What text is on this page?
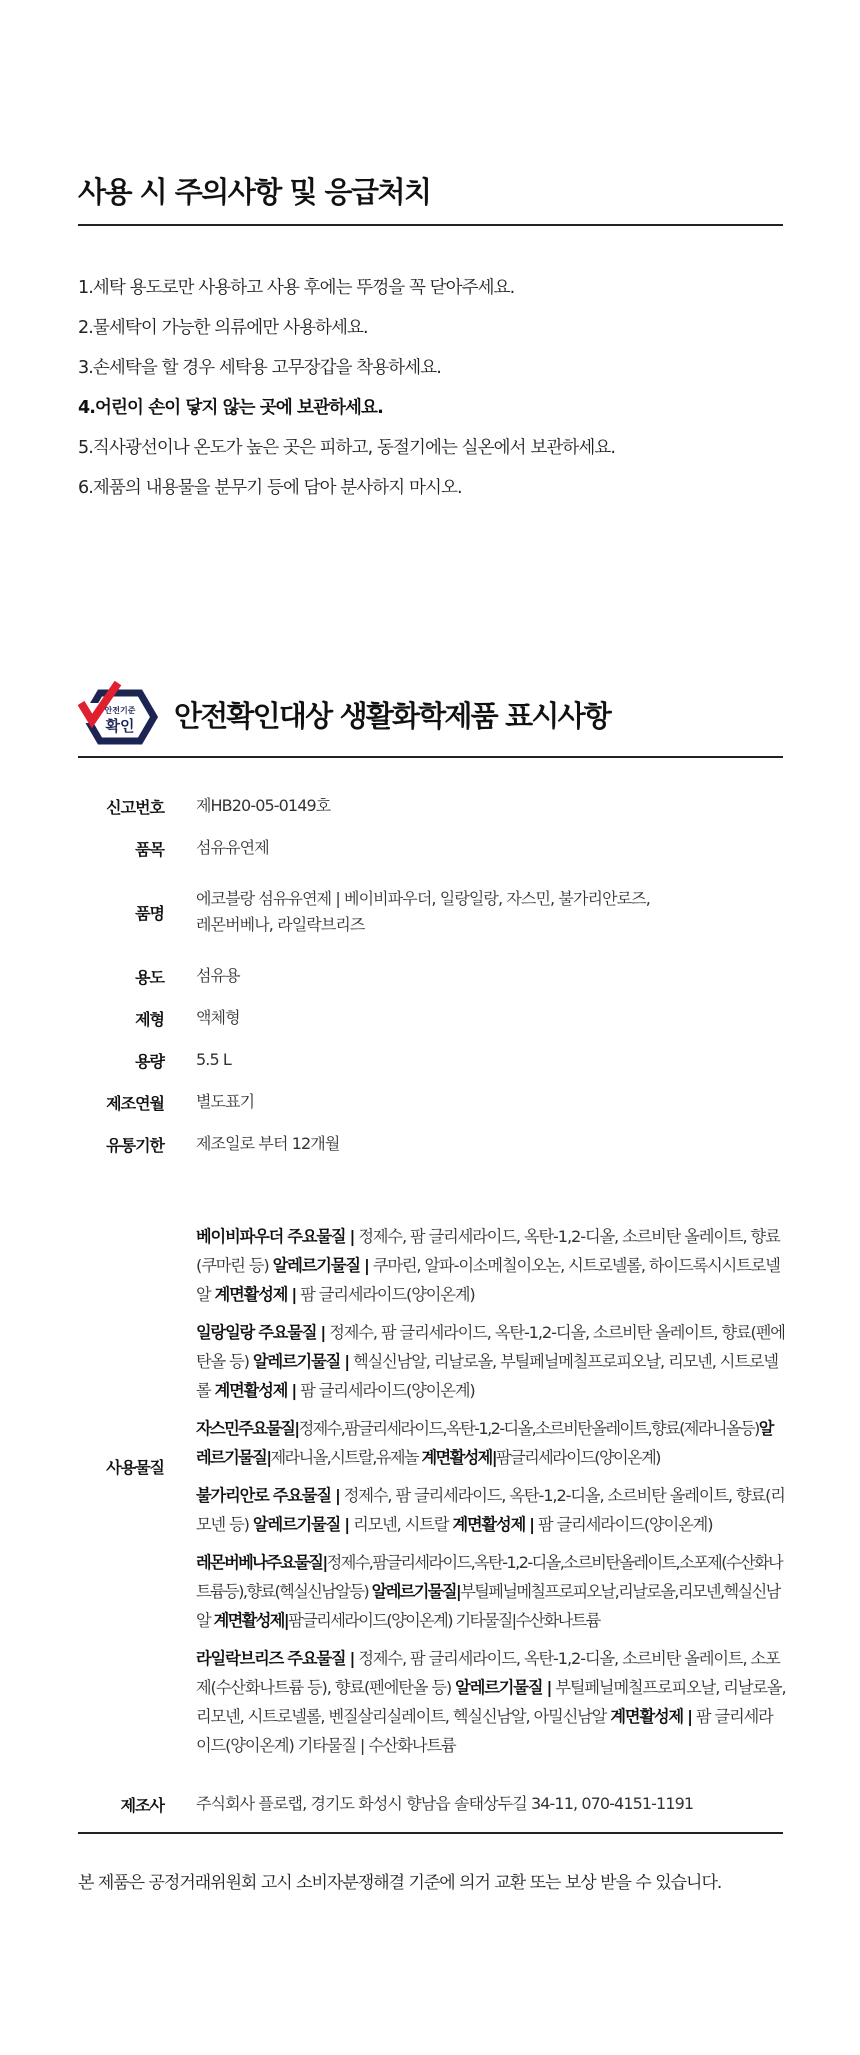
사용 시 주의사항 및 응급처치
1.세탁 용도로만 사용하고 사용 후에는 뚜껑을 꼭 닫아주세요.
2.물세탁이 가능한 의류에만 사용하세요.
3.손세탁을 할 경우 세탁용 고무장갑을 착용하세요.
4.어린이 손이 닿지 않는 곳에 보관하세요.
5.직사광선이나 온도가 높은 곳은 피하고, 동절기에는 실온에서 보관하세요.
6.제품의 내용물을 분무기 등에 담아 분사하지 마시오.
안전기준
확인 안전확인대상 생활화학제품 표시사항
신고번호 제HB20-05-0149호
품목 섬유유연제
품명
에코블랑 섬유유연제 | 베이비파우더, 일랑일랑, 자스민, 불가리안로즈,
레몬버베나, 라일락브리즈
용도 섬유용
제형 액체형
용량 5.5 L
제조연월 별도표기
유통기한 제조일로 부터 12개월
사용물질

베이비파우더 주요물질 | 정제수, 팜 글리세라이드, 옥탄-1,2-디올, 소르비탄 올레이트, 향료(쿠마린 등) 알레르기물질 | 쿠마린, 알파-이소메칠이오논, 시트로넬롤, 하이드록시시트로넬알 계면활성제 | 팜 글리세라이드(양이온계)

일랑일랑 주요물질 | 정제수, 팜 글리세라이드, 옥탄-1,2-디올, 소르비탄 올레이트, 향료(펜에탄올 등) 알레르기물질 | 헥실신남알, 리날로올, 부틸페닐메칠프로피오날, 리모넨, 시트로넬롤 계면활성제 | 팜 글리세라이드(양이온계)

자스민주요물질|정제수,팜글리세라이드,옥탄-1,2-디올,소르비탄올레이트,향료(제라니올등)알레르기물질|제라니올,시트랄,유제놀 계면활성제|팜글리세라이드(양이온계)

불가리안로 주요물질 | 정제수, 팜 글리세라이드, 옥탄-1,2-디올, 소르비탄 올레이트, 향료(리모넨 등) 알레르기물질 | 리모넨, 시트랄 계면활성제 | 팜 글리세라이드(양이온계)

레몬버베나주요물질|정제수,팜글리세라이드,옥탄-1,2-디올,소르비탄올레이트,소포제(수산화나트륨등),향료(헥실신남알등) 알레르기물질|부틸페닐메칠프로피오날,리날로올,리모넨,헥실신남알 계면활성제|팜글리세라이드(양이온계) 기타물질|수산화나트륨

라일락브리즈 주요물질 | 정제수, 팜 글리세라이드, 옥탄-1,2-디올, 소르비탄 올레이트, 소포제(수산화나트륨 등), 향료(펜에탄올 등) 알레르기물질 | 부틸페닐메칠프로피오날, 리날로올, 리모넨, 시트로넬롤, 벤질살리실레이트, 헥실신남알, 아밀신남알 계면활성제 | 팜 글리세라이드(양이온계) 기타물질 | 수산화나트륨

제조사 주식회사 플로랩, 경기도 화성시 향남읍 솔태상두길 34-11, 070-4151-1191

본 제품은 공정거래위원회 고시 소비자분쟁해결 기준에 의거 교환 또는 보상 받을 수 있습니다.
